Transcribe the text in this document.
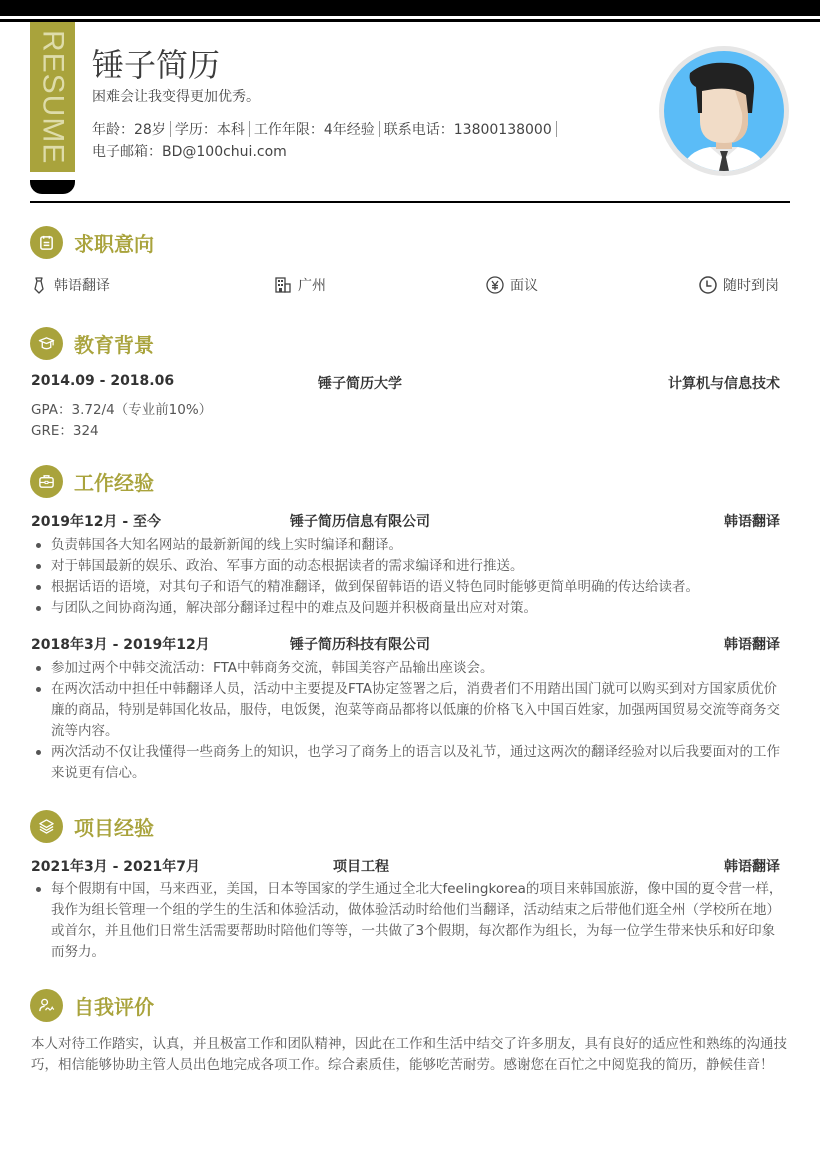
RESUME 锤子简历
困难会让我变得更加优秀。
年龄：28岁 学历：本科 工作年限：4年经验 联系电话：13800138000
电子邮箱：BD@100chui.com
求职意向
韩语翻译	广州	面议	随时到岗
教育背景
2014.09 - 2018.06	锤子简历大学	计算机与信息技术
GPA：3.72/4（专业前10%）
GRE：324
工作经验
2019年12月 - 至今	锤子简历信息有限公司	韩语翻译
负责韩国各大知名网站的最新新闻的线上实时编译和翻译。
对于韩国最新的娱乐、政治、军事方面的动态根据读者的需求编译和进行推送。
根据话语的语境，对其句子和语气的精准翻译，做到保留韩语的语义特色同时能够更简单明确的传达给读者。
与团队之间协商沟通，解决部分翻译过程中的难点及问题并积极商量出应对对策。
2018年3月 - 2019年12月	锤子简历科技有限公司	韩语翻译
参加过两个中韩交流活动：FTA中韩商务交流，韩国美容产品输出座谈会。
在两次活动中担任中韩翻译人员，活动中主要提及FTA协定签署之后，消费者们不用踏出国门就可以购买到对方国家质优价廉的商品，特别是韩国化妆品，服侍，电饭煲，泡菜等商品都将以低廉的价格飞入中国百姓家，加强两国贸易交流等商务交流等内容。
两次活动不仅让我懂得一些商务上的知识，也学习了商务上的语言以及礼节，通过这两次的翻译经验对以后我要面对的工作来说更有信心。
项目经验
2021年3月 - 2021年7月	项目工程	韩语翻译
每个假期有中国，马来西亚，美国，日本等国家的学生通过全北大feelingkorea的项目来韩国旅游，像中国的夏令营一样，我作为组长管理一个组的学生的生活和体验活动，做体验活动时给他们当翻译，活动结束之后带他们逛全州（学校所在地）或首尔，并且他们日常生活需要帮助时陪他们等等，一共做了3个假期，每次都作为组长，为每一位学生带来快乐和好印象而努力。
自我评价

本人对待工作踏实，认真，并且极富工作和团队精神，因此在工作和生活中结交了许多朋友，具有良好的适应性和熟练的沟通技巧，相信能够协助主管人员出色地完成各项工作。综合素质佳，能够吃苦耐劳。感谢您在百忙之中阅览我的简历，静候佳音！
